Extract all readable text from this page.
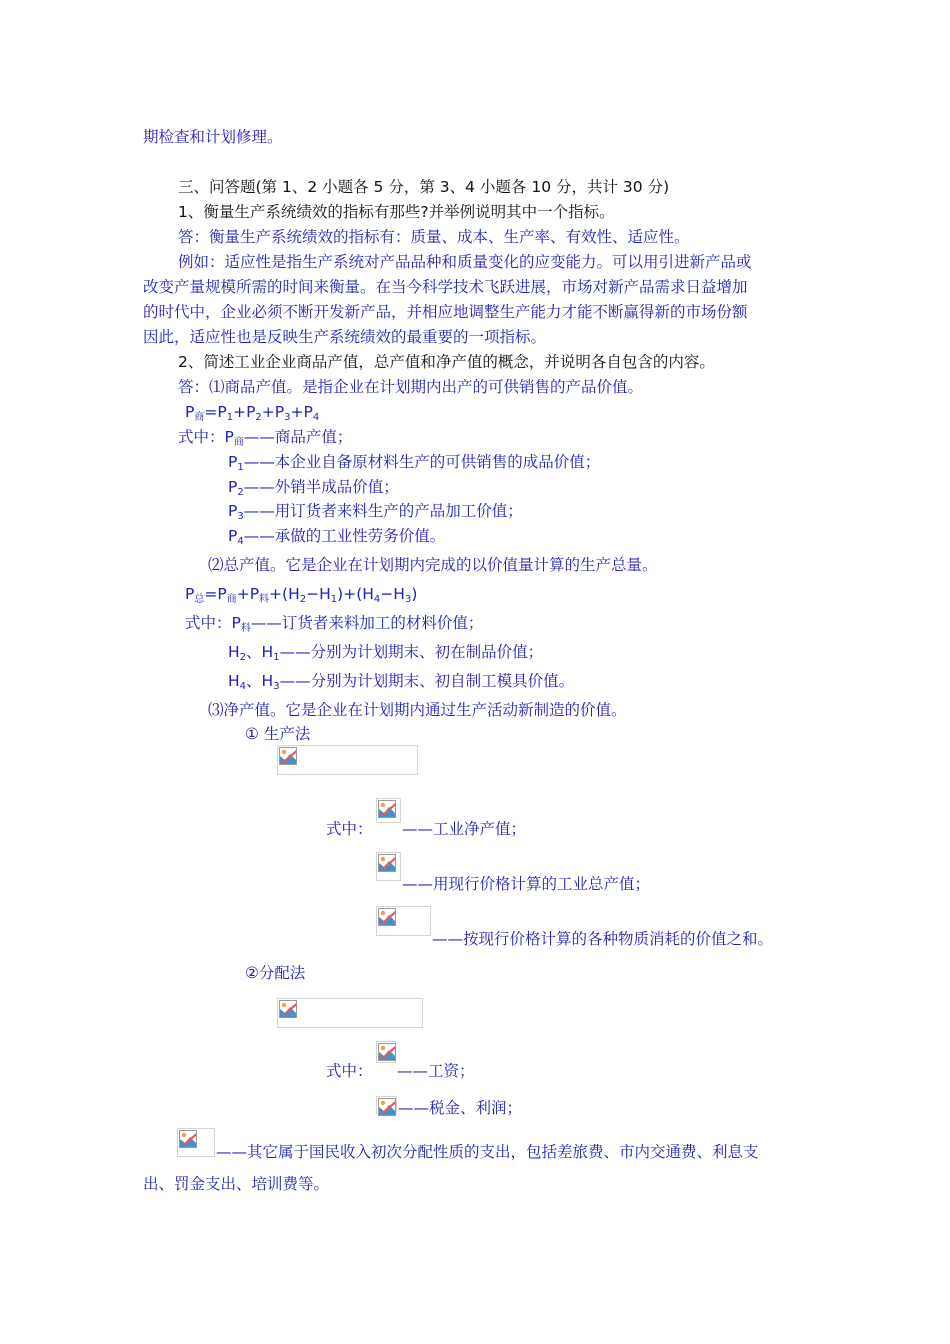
期检查和计划修理。
三、问答题(第 1、2 小题各 5 分，第 3、4 小题各 10 分，共计 30 分)
1、衡量生产系统绩效的指标有那些?并举例说明其中一个指标。
答：衡量生产系统绩效的指标有：质量、成本、生产率、有效性、适应性。
例如：适应性是指生产系统对产品品种和质量变化的应变能力。可以用引进新产品或
改变产量规模所需的时间来衡量。在当今科学技术飞跃进展，市场对新产品需求日益增加
的时代中，企业必须不断开发新产品，并相应地调整生产能力才能不断赢得新的市场份额
因此，适应性也是反映生产系统绩效的最重要的一项指标。
2、简述工业企业商品产值，总产值和净产值的概念，并说明各自包含的内容。
答：⑴商品产值。是指企业在计划期内出产的可供销售的产品价值。
$P_商=P_1+P_2+P_3+P_4$
式中：$P_商——$商品产值；
$P_1——$本企业自备原材料生产的可供销售的成品价值；
$P_2——$外销半成品价值；
$P_3——$用订货者来料生产的产品加工价值；
$P_4——$承做的工业性劳务价值。
⑵总产值。它是企业在计划期内完成的以价值量计算的生产总量。
$P_总=P_商+P_料+(H_2-H_1)+(H_4-H_3)$
式中：$P_料——$订货者来料加工的材料价值；
$H_2$、$H_1——$分别为计划期末、初在制品价值；
$H_4$、$H_3——$分别为计划期末、初自制工模具价值。
⑶净产值。它是企业在计划期内通过生产活动新制造的价值。
① 生产法
式中： ——工业净产值；
——用现行价格计算的工业总产值；
——按现行价格计算的各种物质消耗的价值之和。
②分配法
式中： ——工资；
——税金、利润；
——其它属于国民收入初次分配性质的支出，包括差旅费、市内交通费、利息支
出、罚金支出、培训费等。
